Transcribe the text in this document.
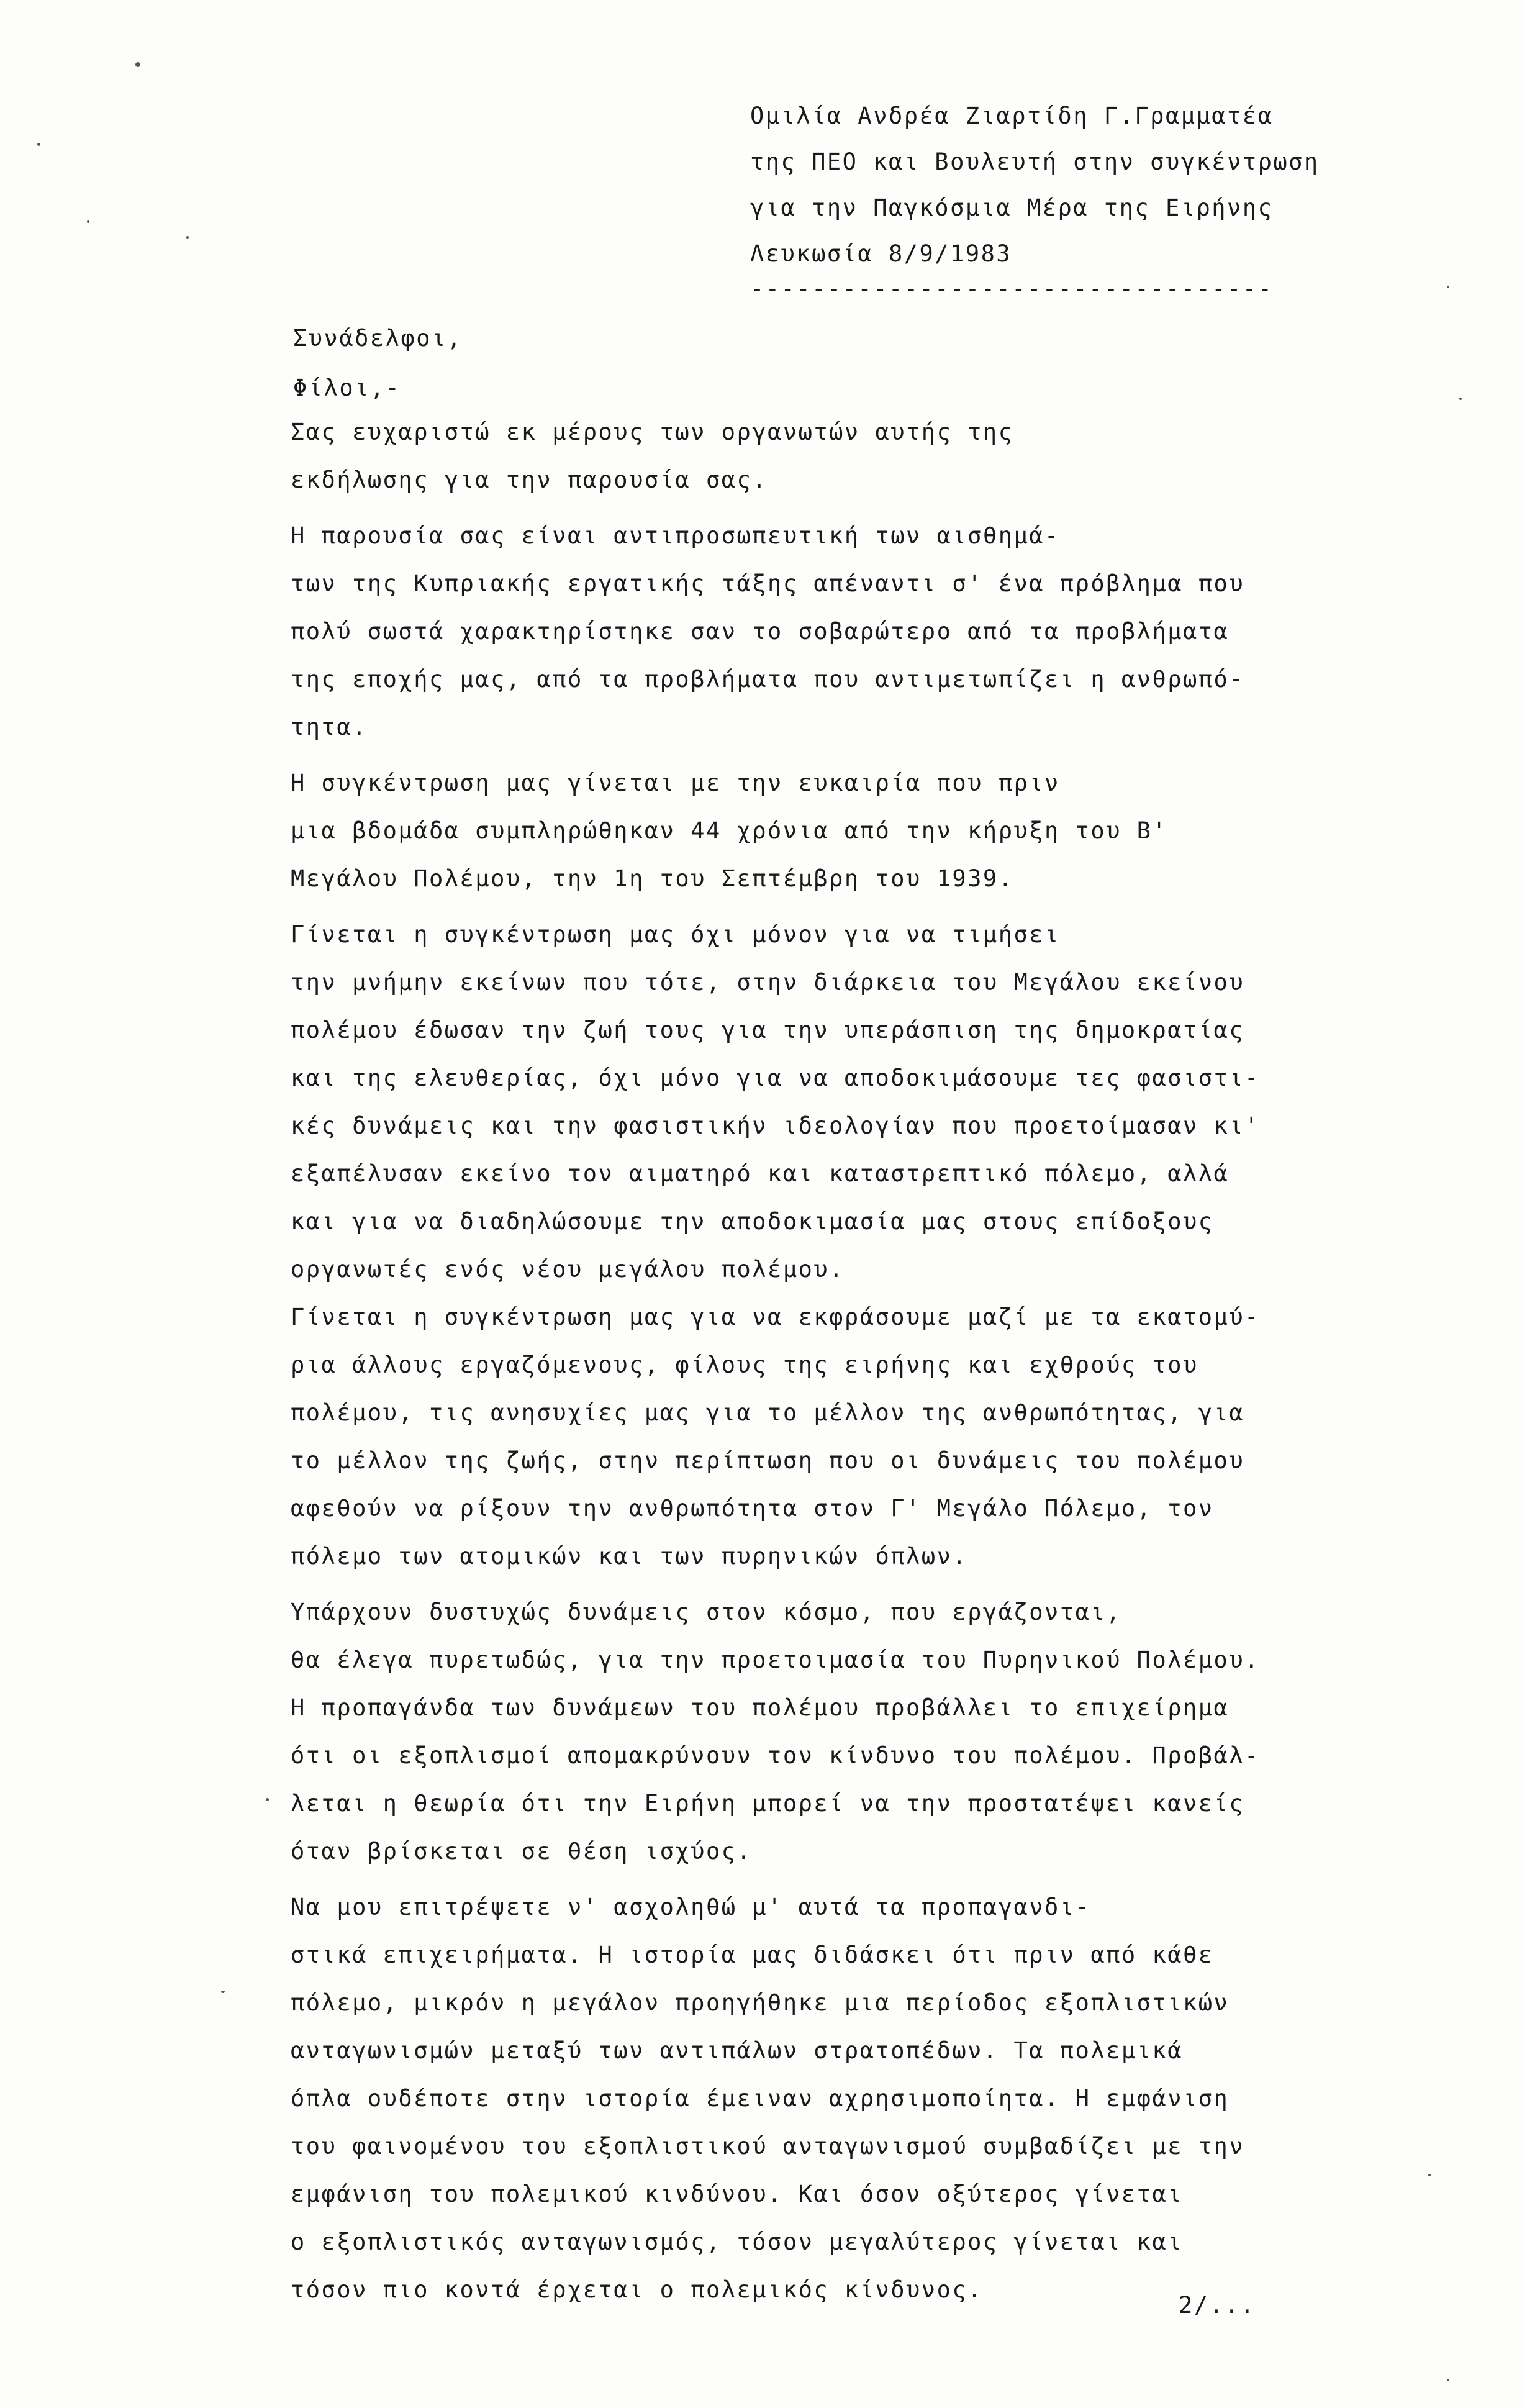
Ομιλία Ανδρέα Ζιαρτίδη Γ.Γραμματέα
της ΠΕΟ και Βουλευτή στην συγκέντρωση
για την Παγκόσμια Μέρα της Ειρήνης
Λευκωσία 8/9/1983
----------------------------------
Συνάδελφοι,
Φίλοι,-
Σας ευχαριστώ εκ μέρους των οργανωτών αυτής της
εκδήλωσης για την παρουσία σας.
Η παρουσία σας είναι αντιπροσωπευτική των αισθημά-
των της Κυπριακής εργατικής τάξης απέναντι σ' ένα πρόβλημα που
πολύ σωστά χαρακτηρίστηκε σαν το σοβαρώτερο από τα προβλήματα
της εποχής μας, από τα προβλήματα που αντιμετωπίζει η ανθρωπό-
τητα.
Η συγκέντρωση μας γίνεται με την ευκαιρία που πριν
μια βδομάδα συμπληρώθηκαν 44 χρόνια από την κήρυξη του Β'
Μεγάλου Πολέμου, την 1η του Σεπτέμβρη του 1939.
Γίνεται η συγκέντρωση μας όχι μόνον για να τιμήσει
την μνήμην εκείνων που τότε, στην διάρκεια του Μεγάλου εκείνου
πολέμου έδωσαν την ζωή τους για την υπεράσπιση της δημοκρατίας
και της ελευθερίας, όχι μόνο για να αποδοκιμάσουμε τες φασιστι-
κές δυνάμεις και την φασιστικήν ιδεολογίαν που προετοίμασαν κι'
εξαπέλυσαν εκείνο τον αιματηρό και καταστρεπτικό πόλεμο, αλλά
και για να διαδηλώσουμε την αποδοκιμασία μας στους επίδοξους
οργανωτές ενός νέου μεγάλου πολέμου.
Γίνεται η συγκέντρωση μας για να εκφράσουμε μαζί με τα εκατομύ-
ρια άλλους εργαζόμενους, φίλους της ειρήνης και εχθρούς του
πολέμου, τις ανησυχίες μας για το μέλλον της ανθρωπότητας, για
το μέλλον της ζωής, στην περίπτωση που οι δυνάμεις του πολέμου
αφεθούν να ρίξουν την ανθρωπότητα στον Γ' Μεγάλο Πόλεμο, τον
πόλεμο των ατομικών και των πυρηνικών όπλων.
Υπάρχουν δυστυχώς δυνάμεις στον κόσμο, που εργάζονται,
θα έλεγα πυρετωδώς, για την προετοιμασία του Πυρηνικού Πολέμου.
Η προπαγάνδα των δυνάμεων του πολέμου προβάλλει το επιχείρημα
ότι οι εξοπλισμοί απομακρύνουν τον κίνδυνο του πολέμου. Προβάλ-
λεται η θεωρία ότι την Ειρήνη μπορεί να την προστατέψει κανείς
όταν βρίσκεται σε θέση ισχύος.
Να μου επιτρέψετε ν' ασχοληθώ μ' αυτά τα προπαγανδι-
στικά επιχειρήματα. Η ιστορία μας διδάσκει ότι πριν από κάθε
πόλεμο, μικρόν η μεγάλον προηγήθηκε μια περίοδος εξοπλιστικών
ανταγωνισμών μεταξύ των αντιπάλων στρατοπέδων. Τα πολεμικά
όπλα ουδέποτε στην ιστορία έμειναν αχρησιμοποίητα. Η εμφάνιση
του φαινομένου του εξοπλιστικού ανταγωνισμού συμβαδίζει με την
εμφάνιση του πολεμικού κινδύνου. Και όσον οξύτερος γίνεται
ο εξοπλιστικός ανταγωνισμός, τόσον μεγαλύτερος γίνεται και
τόσον πιο κοντά έρχεται ο πολεμικός κίνδυνος.
2/...
